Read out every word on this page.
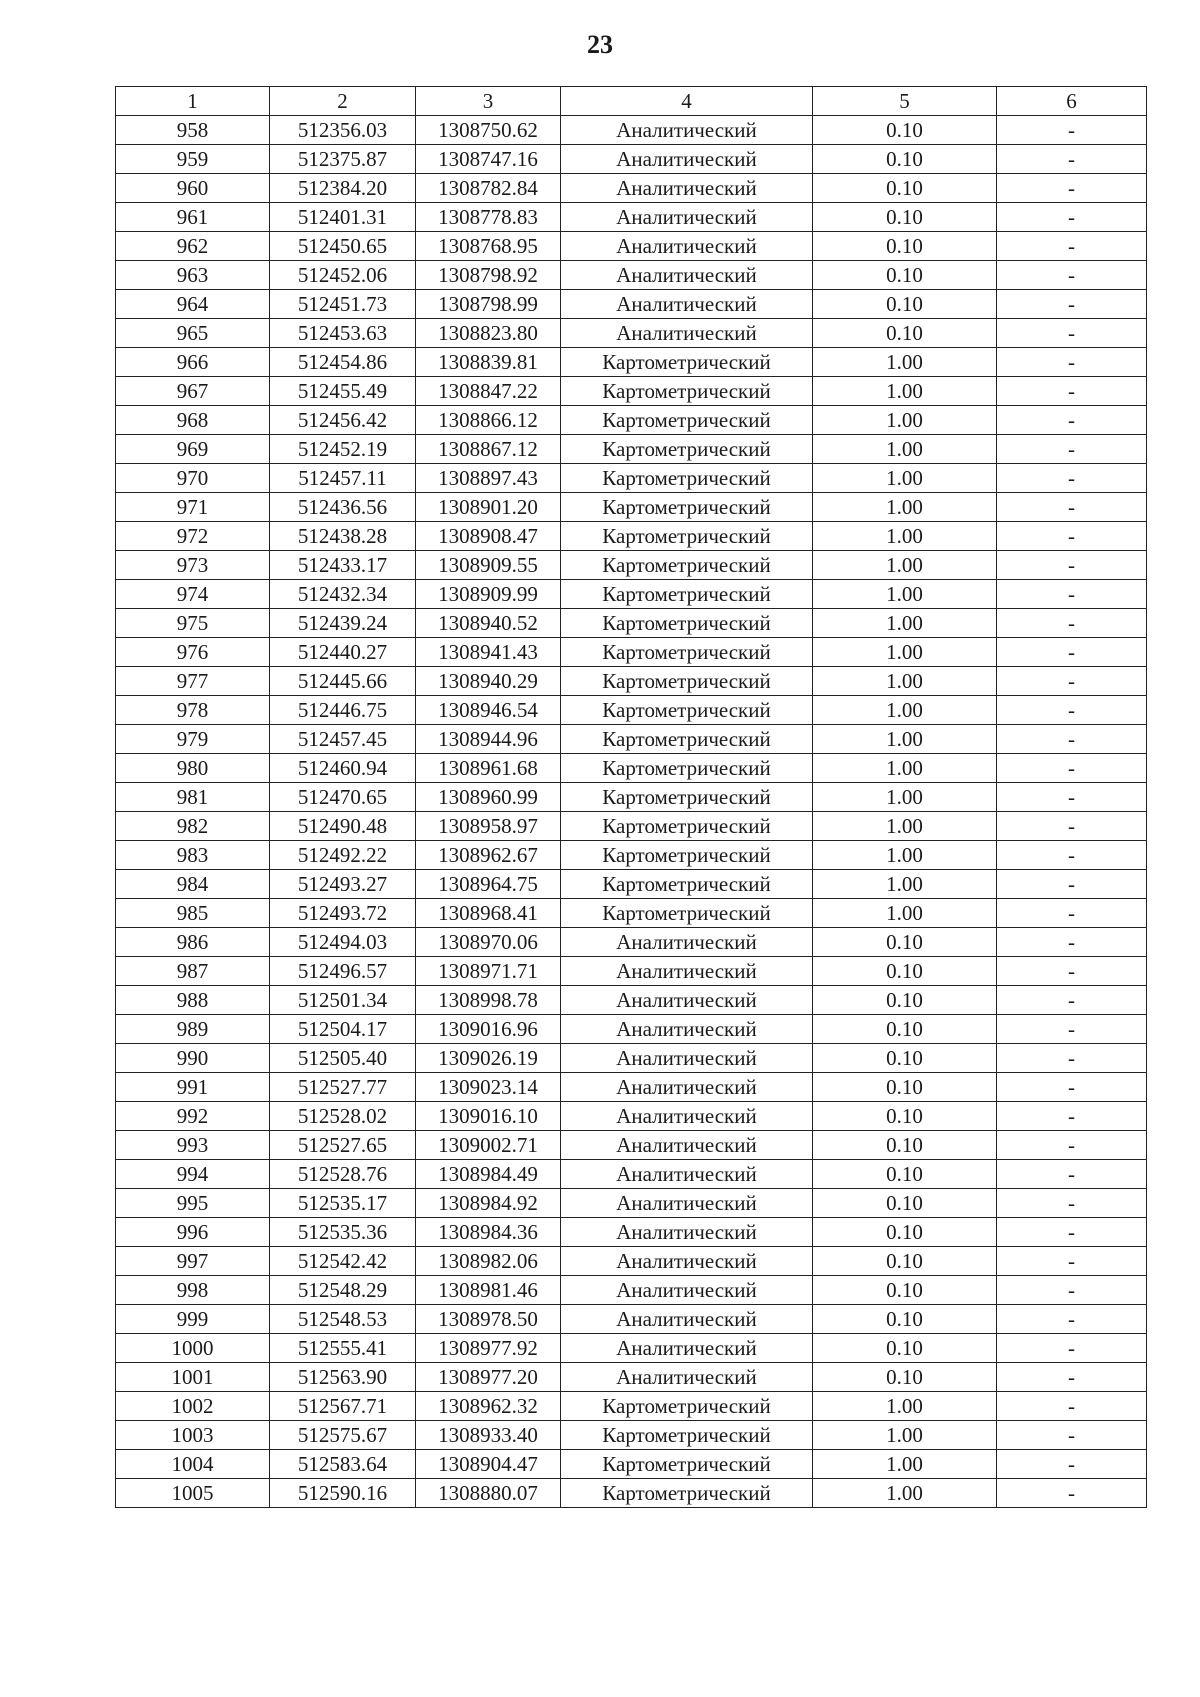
23
1	2	3	4	5	6
958	512356.03	1308750.62	Аналитический	0.10	-
959	512375.87	1308747.16	Аналитический	0.10	-
960	512384.20	1308782.84	Аналитический	0.10	-
961	512401.31	1308778.83	Аналитический	0.10	-
962	512450.65	1308768.95	Аналитический	0.10	-
963	512452.06	1308798.92	Аналитический	0.10	-
964	512451.73	1308798.99	Аналитический	0.10	-
965	512453.63	1308823.80	Аналитический	0.10	-
966	512454.86	1308839.81	Картометрический	1.00	-
967	512455.49	1308847.22	Картометрический	1.00	-
968	512456.42	1308866.12	Картометрический	1.00	-
969	512452.19	1308867.12	Картометрический	1.00	-
970	512457.11	1308897.43	Картометрический	1.00	-
971	512436.56	1308901.20	Картометрический	1.00	-
972	512438.28	1308908.47	Картометрический	1.00	-
973	512433.17	1308909.55	Картометрический	1.00	-
974	512432.34	1308909.99	Картометрический	1.00	-
975	512439.24	1308940.52	Картометрический	1.00	-
976	512440.27	1308941.43	Картометрический	1.00	-
977	512445.66	1308940.29	Картометрический	1.00	-
978	512446.75	1308946.54	Картометрический	1.00	-
979	512457.45	1308944.96	Картометрический	1.00	-
980	512460.94	1308961.68	Картометрический	1.00	-
981	512470.65	1308960.99	Картометрический	1.00	-
982	512490.48	1308958.97	Картометрический	1.00	-
983	512492.22	1308962.67	Картометрический	1.00	-
984	512493.27	1308964.75	Картометрический	1.00	-
985	512493.72	1308968.41	Картометрический	1.00	-
986	512494.03	1308970.06	Аналитический	0.10	-
987	512496.57	1308971.71	Аналитический	0.10	-
988	512501.34	1308998.78	Аналитический	0.10	-
989	512504.17	1309016.96	Аналитический	0.10	-
990	512505.40	1309026.19	Аналитический	0.10	-
991	512527.77	1309023.14	Аналитический	0.10	-
992	512528.02	1309016.10	Аналитический	0.10	-
993	512527.65	1309002.71	Аналитический	0.10	-
994	512528.76	1308984.49	Аналитический	0.10	-
995	512535.17	1308984.92	Аналитический	0.10	-
996	512535.36	1308984.36	Аналитический	0.10	-
997	512542.42	1308982.06	Аналитический	0.10	-
998	512548.29	1308981.46	Аналитический	0.10	-
999	512548.53	1308978.50	Аналитический	0.10	-
1000	512555.41	1308977.92	Аналитический	0.10	-
1001	512563.90	1308977.20	Аналитический	0.10	-
1002	512567.71	1308962.32	Картометрический	1.00	-
1003	512575.67	1308933.40	Картометрический	1.00	-
1004	512583.64	1308904.47	Картометрический	1.00	-
1005	512590.16	1308880.07	Картометрический	1.00	-
